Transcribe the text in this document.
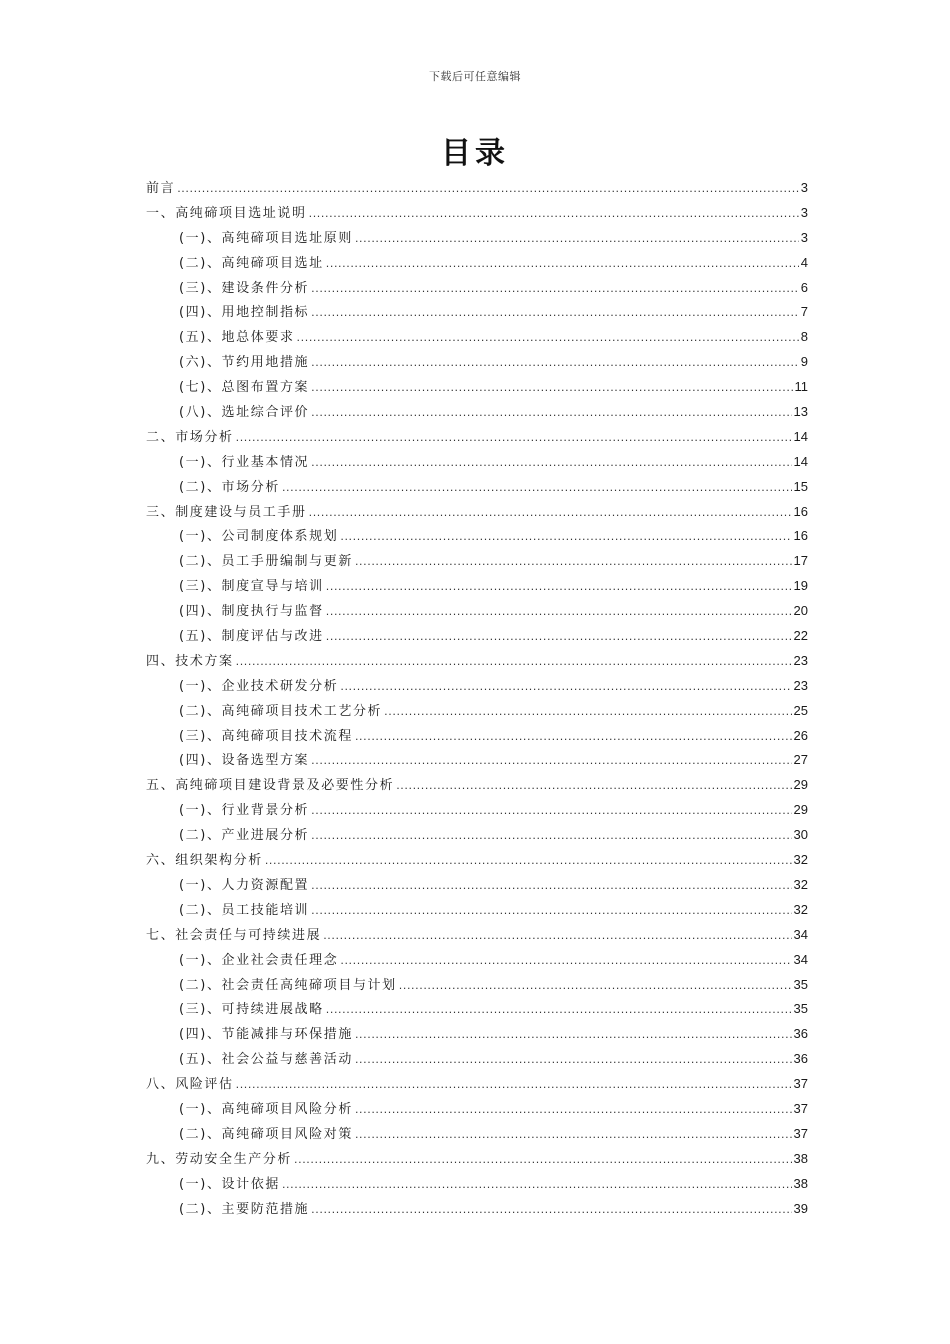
下载后可任意编辑
目录
前言 .....	3
一、高纯碲项目选址说明 .....	3
(一)、高纯碲项目选址原则 .....	3
(二)、高纯碲项目选址 .....	4
(三)、建设条件分析 .....	6
(四)、用地控制指标 .....	7
(五)、地总体要求 .....	8
(六)、节约用地措施 .....	9
(七)、总图布置方案 .....	11
(八)、选址综合评价 .....	13
二、市场分析 .....	14
(一)、行业基本情况 .....	14
(二)、市场分析 .....	15
三、制度建设与员工手册 .....	16
(一)、公司制度体系规划 .....	16
(二)、员工手册编制与更新 .....	17
(三)、制度宣导与培训 .....	19
(四)、制度执行与监督 .....	20
(五)、制度评估与改进 .....	22
四、技术方案 .....	23
(一)、企业技术研发分析 .....	23
(二)、高纯碲项目技术工艺分析 .....	25
(三)、高纯碲项目技术流程 .....	26
(四)、设备选型方案 .....	27
五、高纯碲项目建设背景及必要性分析 .....	29
(一)、行业背景分析 .....	29
(二)、产业进展分析 .....	30
六、组织架构分析 .....	32
(一)、人力资源配置 .....	32
(二)、员工技能培训 .....	32
七、社会责任与可持续进展 .....	34
(一)、企业社会责任理念 .....	34
(二)、社会责任高纯碲项目与计划 .....	35
(三)、可持续进展战略 .....	35
(四)、节能减排与环保措施 .....	36
(五)、社会公益与慈善活动 .....	36
八、风险评估 .....	37
(一)、高纯碲项目风险分析 .....	37
(二)、高纯碲项目风险对策 .....	37
九、劳动安全生产分析 .....	38
(一)、设计依据 .....	38
(二)、主要防范措施 .....	39
